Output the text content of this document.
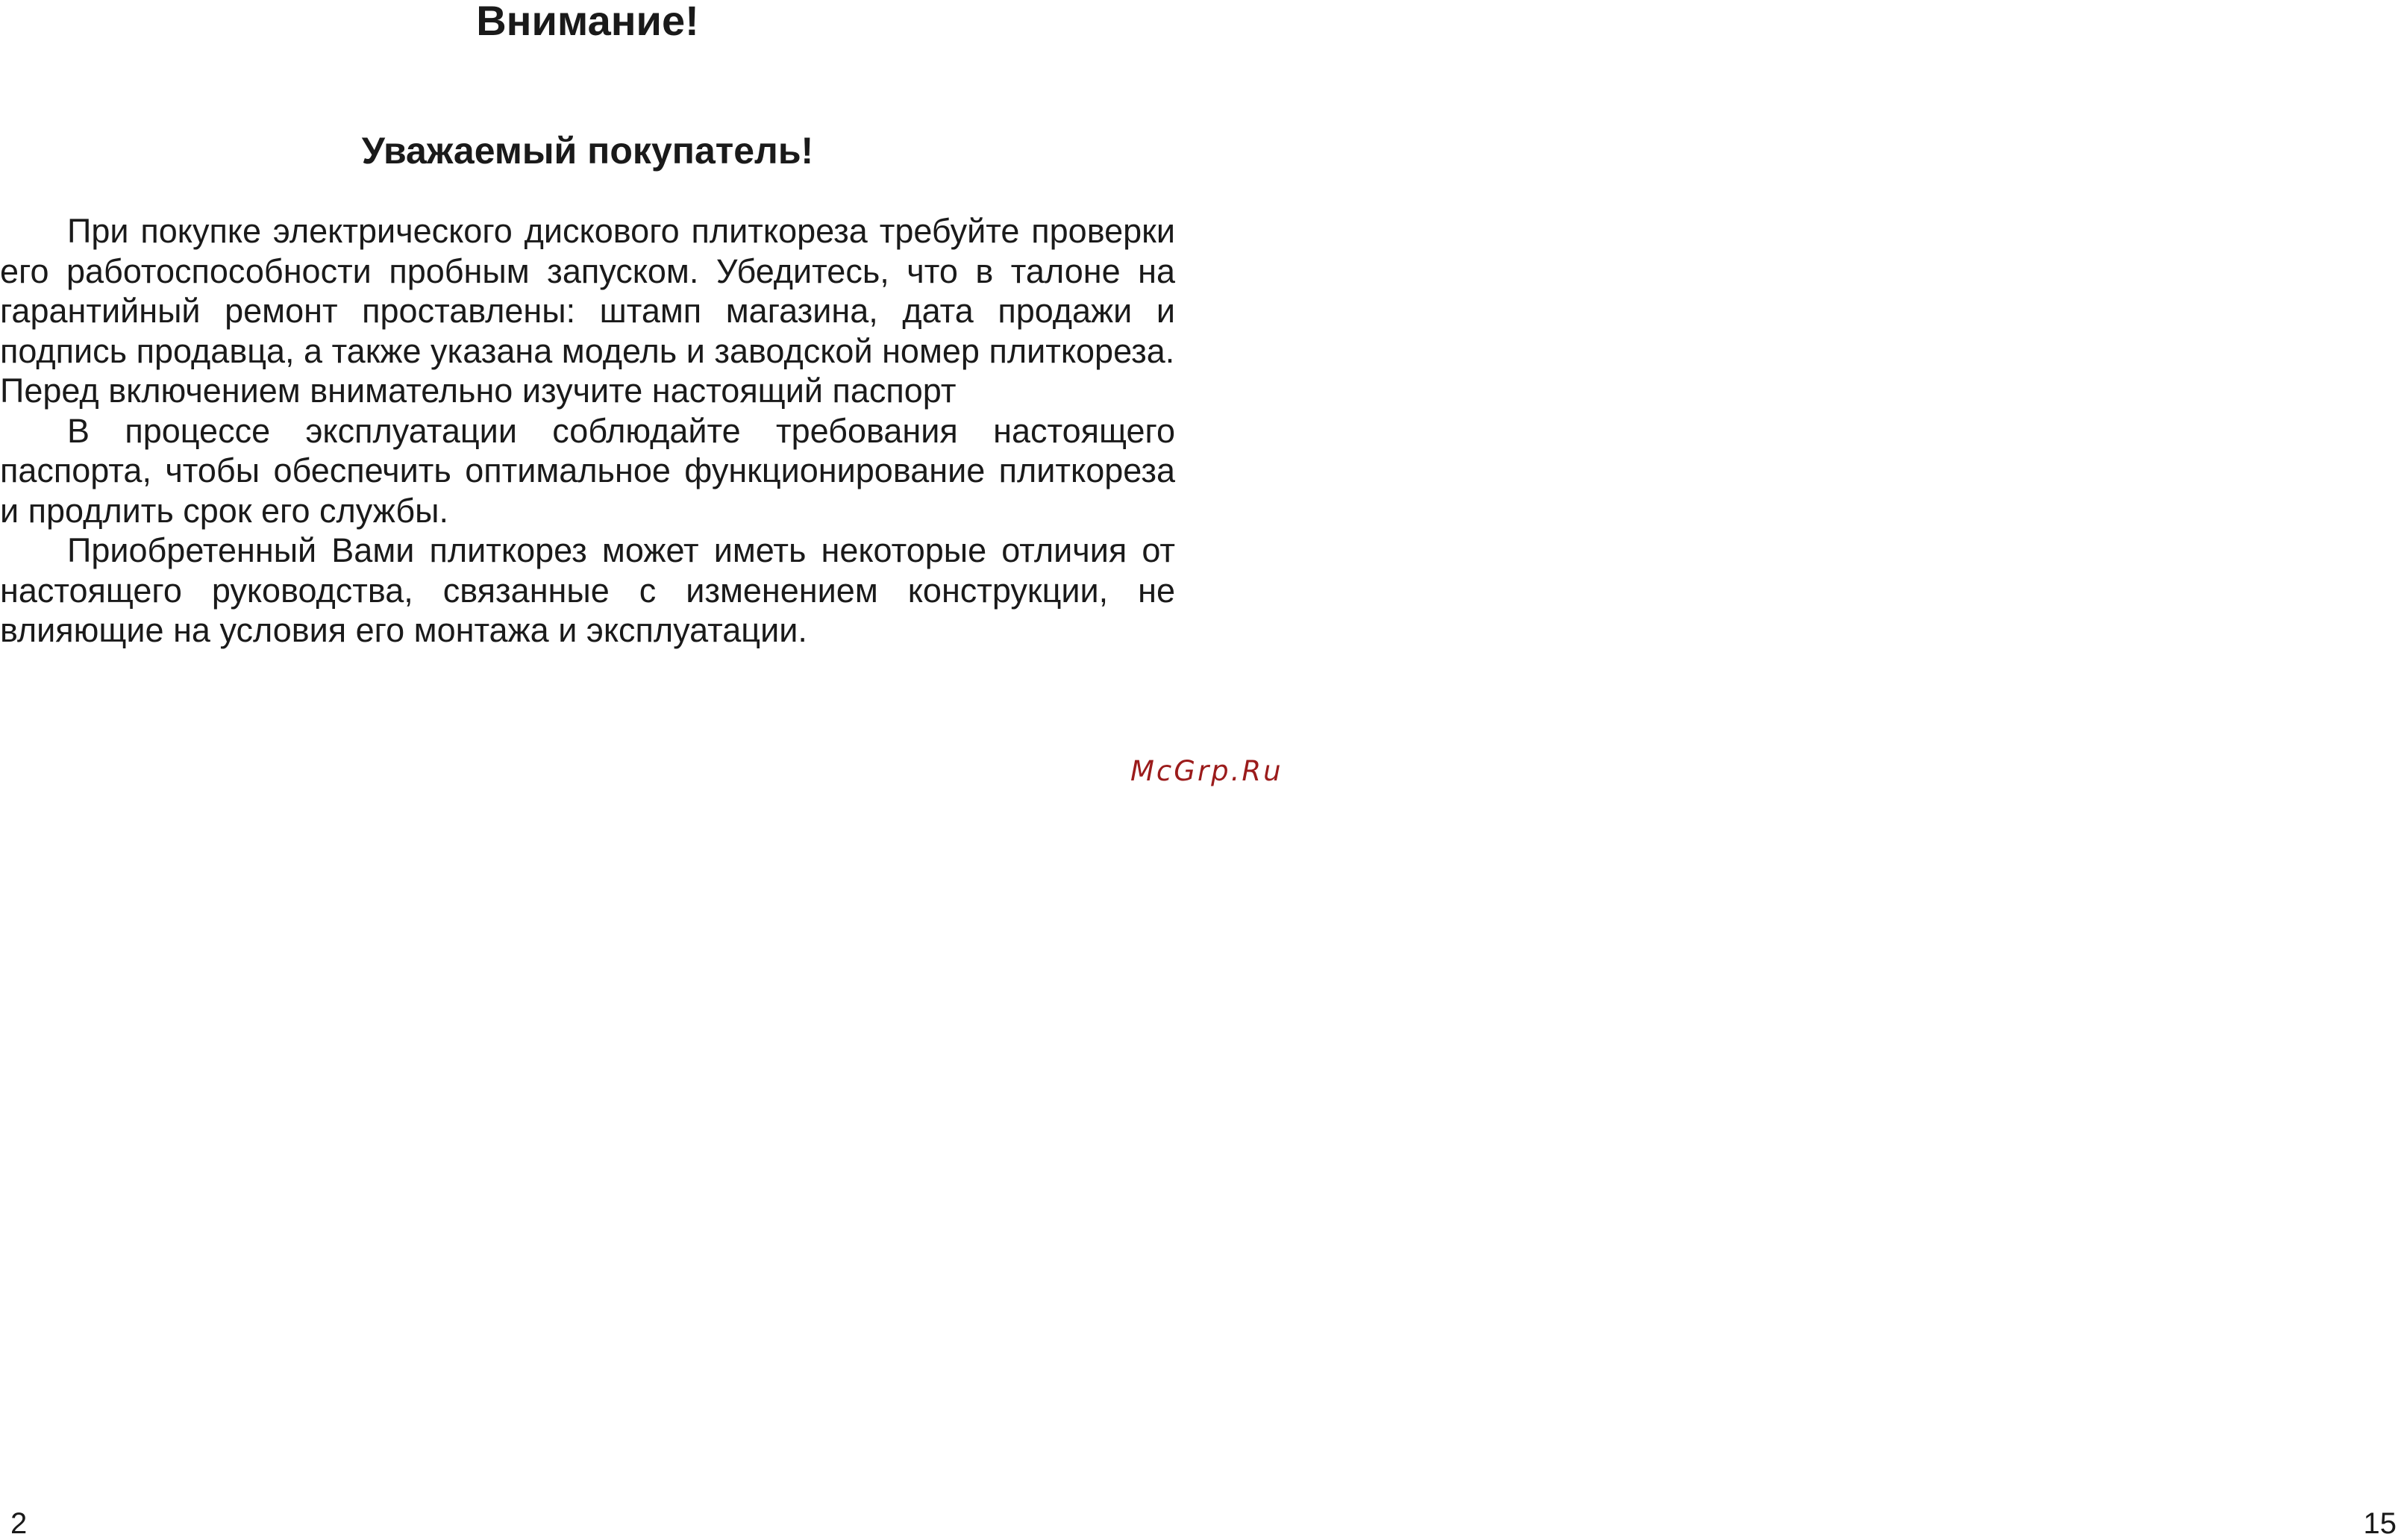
Внимание!
Уважаемый покупатель!

При покупке электрического дискового плиткореза требуйте проверки его работоспособности пробным запуском. Убедитесь, что в талоне на гарантийный ремонт проставлены: штамп магазина, дата продажи и подпись продавца, а также указана модель и заводской номер плиткореза.

Перед включением внимательно изучите настоящий паспорт

В процессе эксплуатации соблюдайте требования настоящего паспорта, чтобы обеспечить оптимальное функционирование плиткореза и продлить срок его службы.

Приобретенный Вами плиткорез может иметь некоторые отличия от настоящего руководства, связанные с изменением конструкции, не влияющие на условия его монтажа и эксплуатации.

McGrp.Ru
2	15
